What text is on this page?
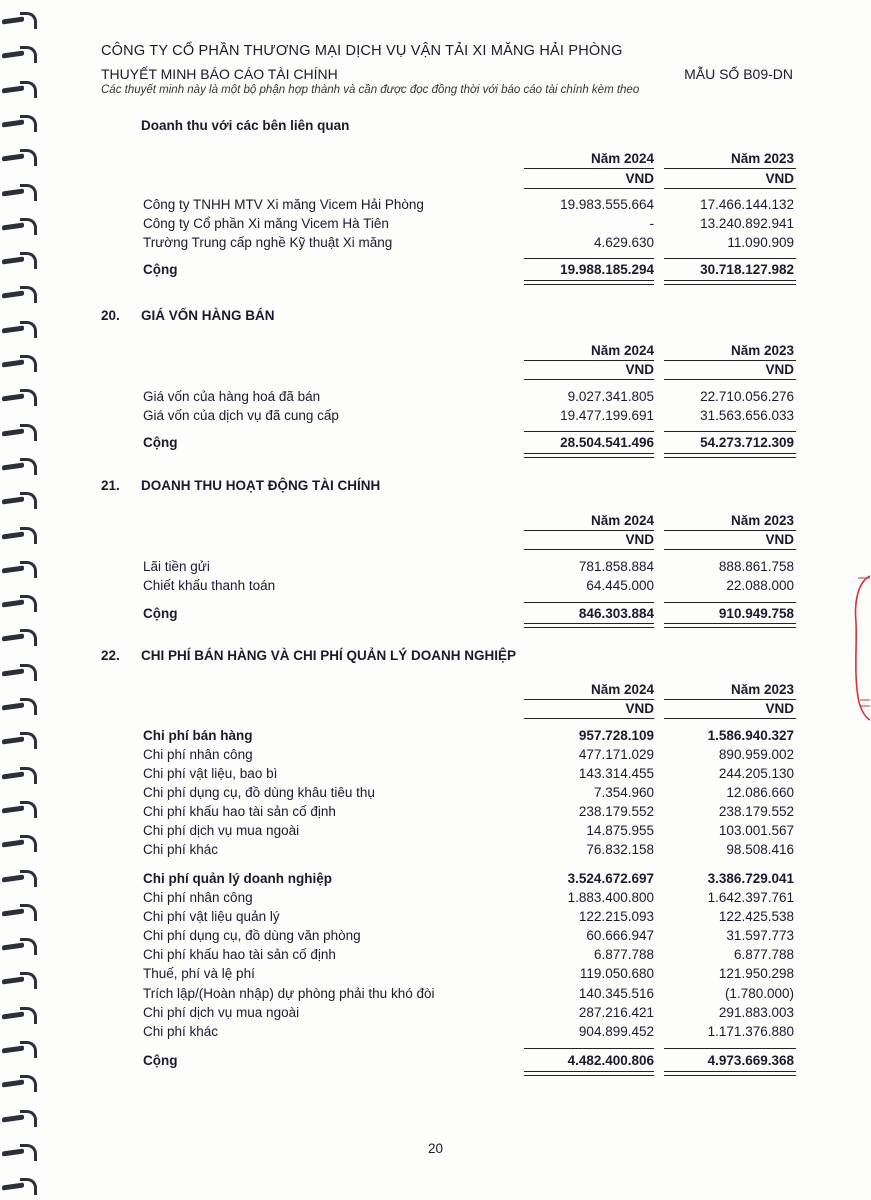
CÔNG TY CỔ PHẦN THƯƠNG MẠI DỊCH VỤ VẬN TẢI XI MĂNG HẢI PHÒNG
THUYẾT MINH BÁO CÁO TÀI CHÍNH	MẪU SỐ B09-DN
Các thuyết minh này là một bộ phận hợp thành và cần được đọc đồng thời với báo cáo tài chính kèm theo
Doanh thu với các bên liên quan
Năm 2024	Năm 2023
VND	VND
Công ty TNHH MTV Xi măng Vicem Hải Phòng	19.983.555.664	17.466.144.132
Công ty Cổ phần Xi măng Vicem Hà Tiên	-	13.240.892.941
Trường Trung cấp nghề Kỹ thuật Xi măng	4.629.630	11.090.909
Cộng	19.988.185.294	30.718.127.982
20. GIÁ VỐN HÀNG BÁN
Năm 2024	Năm 2023
VND	VND
Giá vốn của hàng hoá đã bán	9.027.341.805	22.710.056.276
Giá vốn của dịch vụ đã cung cấp	19.477.199.691	31.563.656.033
Cộng	28.504.541.496	54.273.712.309
21. DOANH THU HOẠT ĐỘNG TÀI CHÍNH
Năm 2024	Năm 2023
VND	VND
Lãi tiền gửi	781.858.884	888.861.758
Chiết khấu thanh toán	64.445.000	22.088.000
Cộng	846.303.884	910.949.758
22. CHI PHÍ BÁN HÀNG VÀ CHI PHÍ QUẢN LÝ DOANH NGHIỆP
Năm 2024	Năm 2023
VND	VND
Chi phí bán hàng	957.728.109	1.586.940.327
Chi phí nhân công	477.171.029	890.959.002
Chi phí vật liệu, bao bì	143.314.455	244.205.130
Chi phí dụng cụ, đồ dùng khâu tiêu thụ	7.354.960	12.086.660
Chi phí khấu hao tài sản cố định	238.179.552	238.179.552
Chi phí dịch vụ mua ngoài	14.875.955	103.001.567
Chi phí khác	76.832.158	98.508.416
Chi phí quản lý doanh nghiệp	3.524.672.697	3.386.729.041
Chi phí nhân công	1.883.400.800	1.642.397.761
Chi phí vật liệu quản lý	122.215.093	122.425.538
Chi phí dụng cụ, đồ dùng văn phòng	60.666.947	31.597.773
Chi phí khấu hao tài sản cố định	6.877.788	6.877.788
Thuế, phí và lệ phí	119.050.680	121.950.298
Trích lập/(Hoàn nhập) dự phòng phải thu khó đòi	140.345.516	(1.780.000)
Chi phí dịch vụ mua ngoài	287.216.421	291.883.003
Chi phí khác	904.899.452	1.171.376.880
Cộng	4.482.400.806	4.973.669.368
20
